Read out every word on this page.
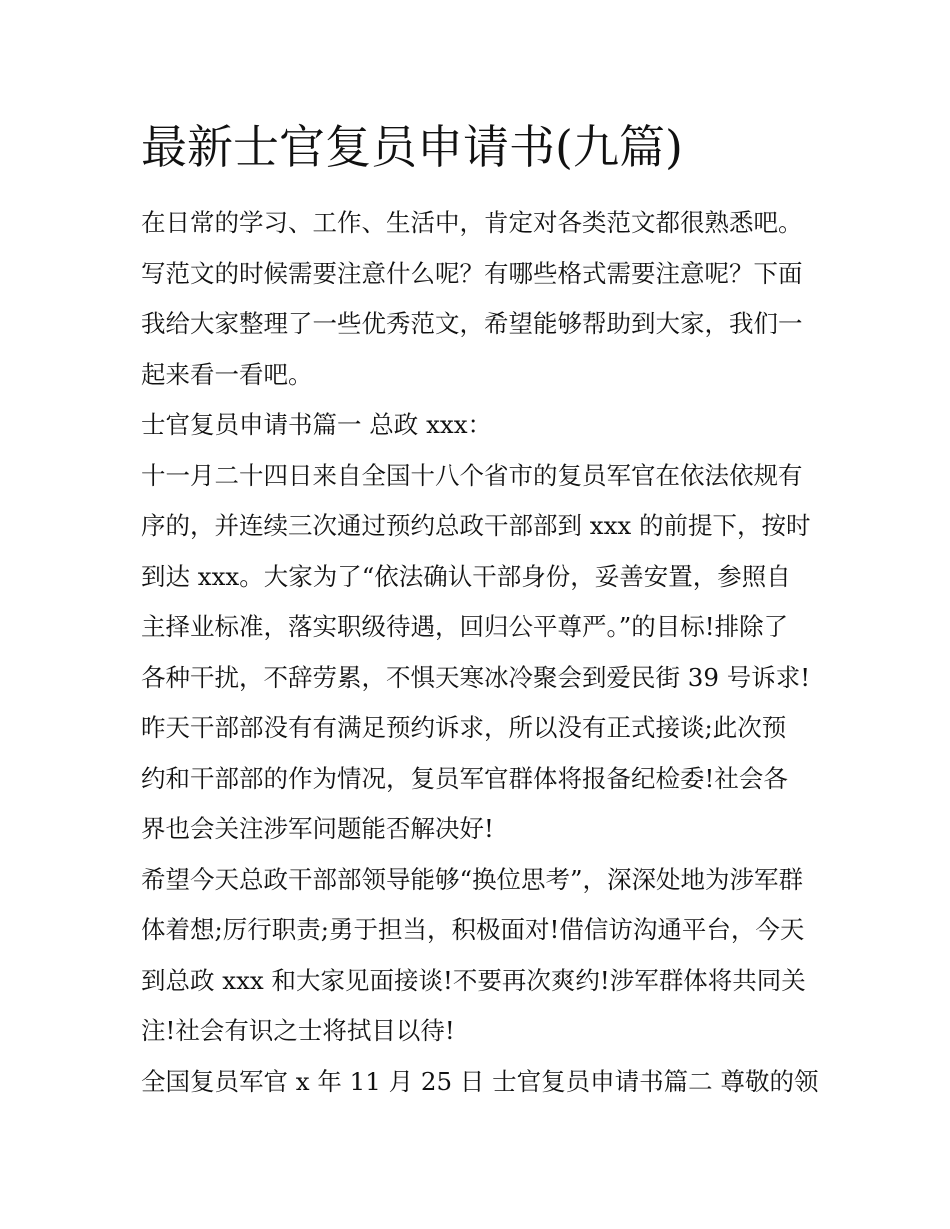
最新士官复员申请书(九篇)
在日常的学习、工作、生活中，肯定对各类范文都很熟悉吧。
写范文的时候需要注意什么呢？有哪些格式需要注意呢？下面
我给大家整理了一些优秀范文，希望能够帮助到大家，我们一
起来看一看吧。
士官复员申请书篇一 总政 xxx：
十一月二十四日来自全国十八个省市的复员军官在依法依规有
序的，并连续三次通过预约总政干部部到 xxx 的前提下，按时
到达 xxx。大家为了“依法确认干部身份，妥善安置，参照自
主择业标准，落实职级待遇，回归公平尊严。”的目标!排除了
各种干扰，不辞劳累，不惧天寒冰冷聚会到爱民街 39 号诉求!
昨天干部部没有有满足预约诉求，所以没有正式接谈;此次预
约和干部部的作为情况，复员军官群体将报备纪检委!社会各
界也会关注涉军问题能否解决好!
希望今天总政干部部领导能够“换位思考”，深深处地为涉军群
体着想;厉行职责;勇于担当，积极面对!借信访沟通平台，今天
到总政 xxx 和大家见面接谈!不要再次爽约!涉军群体将共同关
注!社会有识之士将拭目以待!
全国复员军官 x 年 11 月 25 日 士官复员申请书篇二 尊敬的领
